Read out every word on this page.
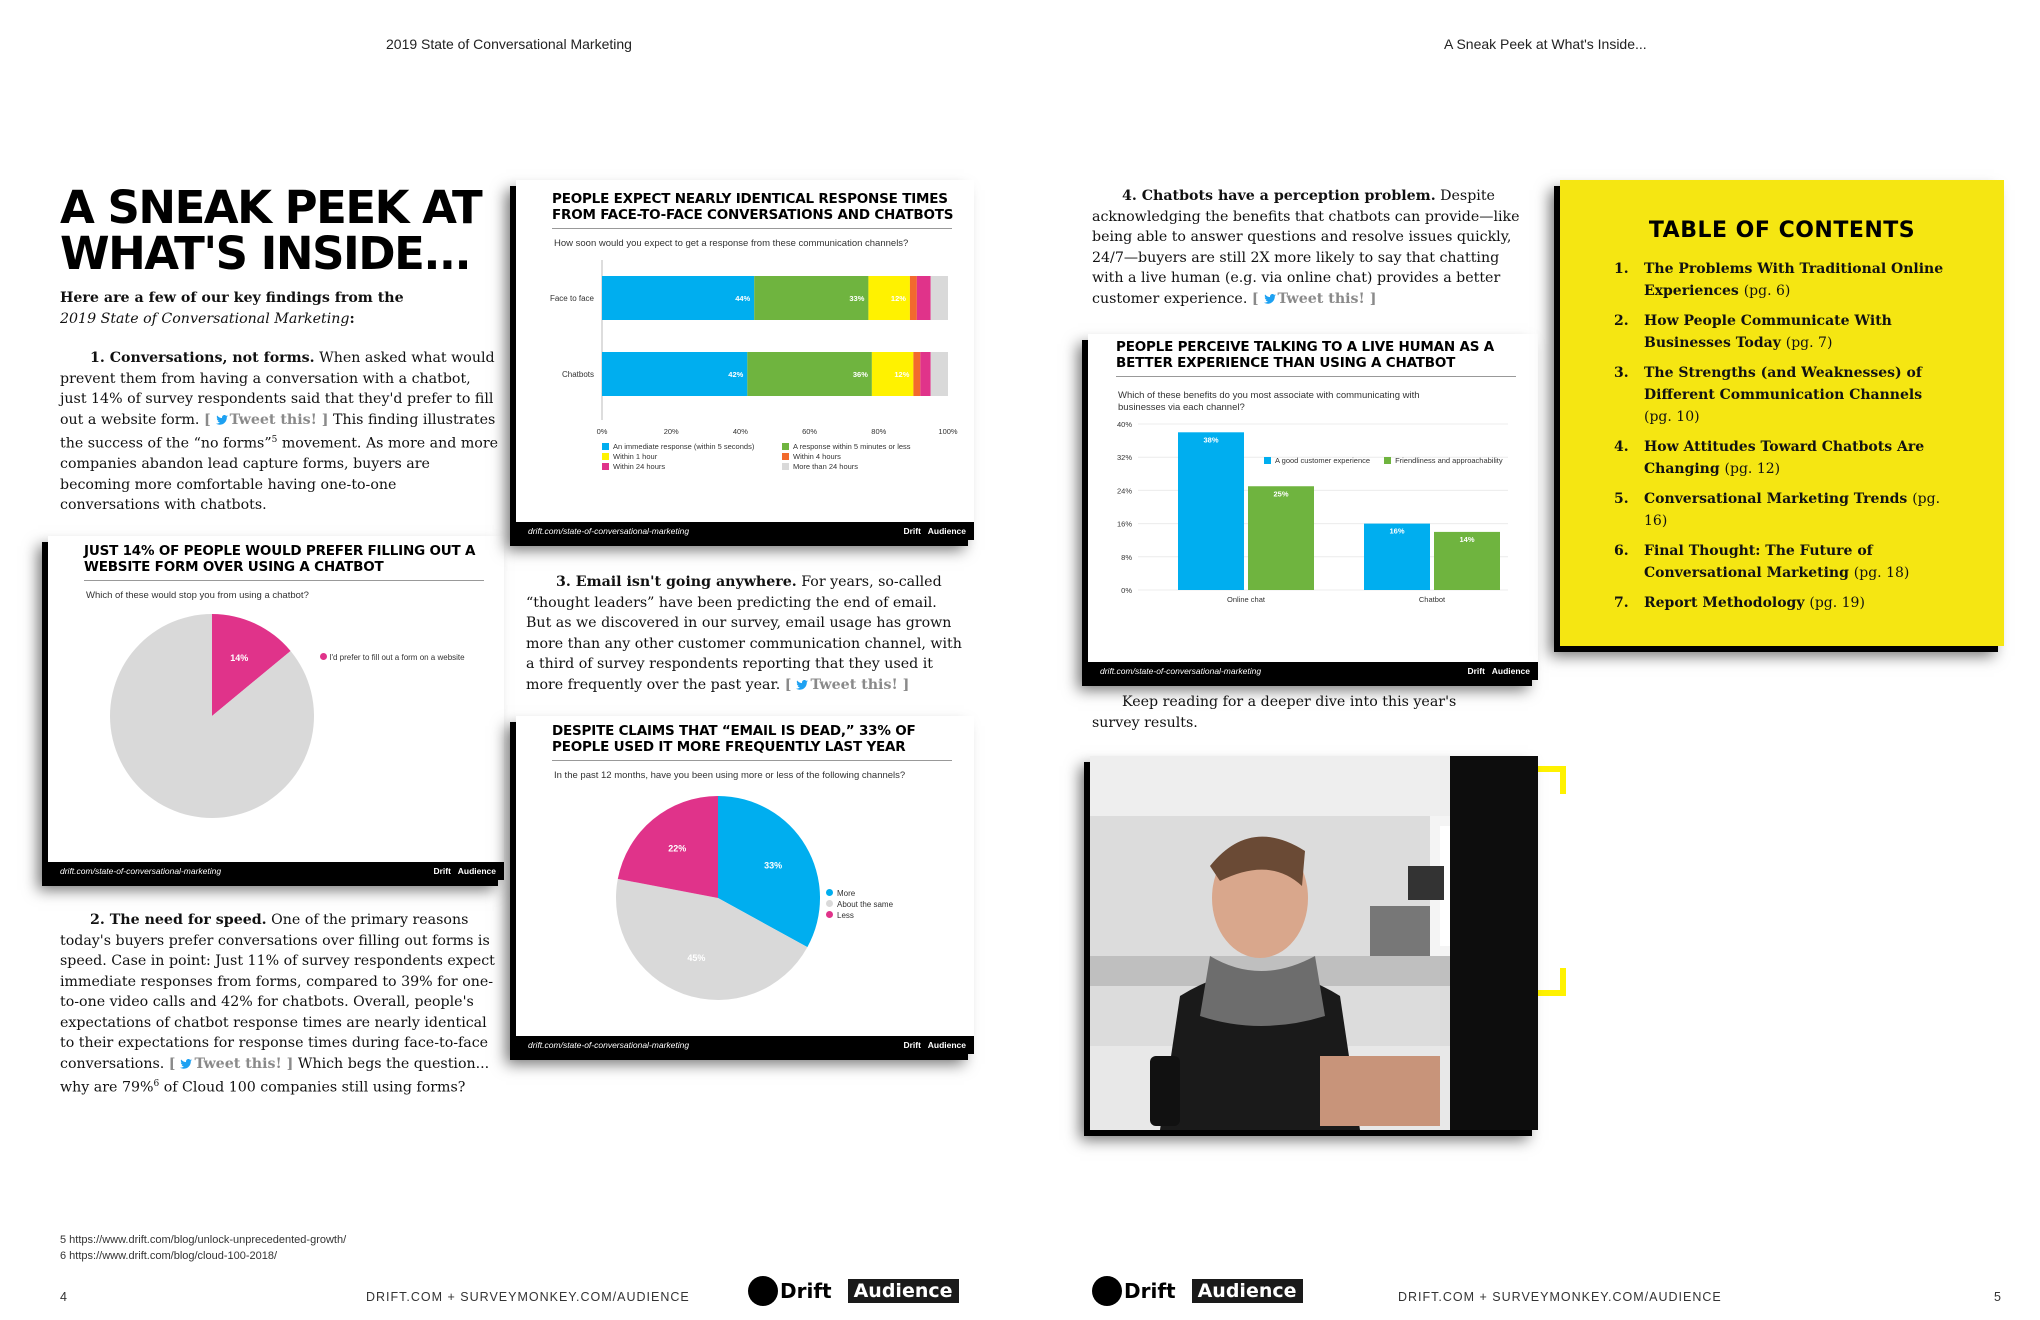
2019 State of Conversational Marketing	A Sneak Peek at What's Inside...
A SNEAK PEEK AT
WHAT'S INSIDE...
Here are a few of our key findings from the
2019 State of Conversational Marketing:
1. Conversations, not forms. When asked what would prevent them from having a conversation with a chatbot, just 14% of survey respondents said that they'd prefer to fill out a website form. [ Tweet this! ] This finding illustrates the success of the “no forms”$^5$ movement. As more and more companies abandon lead capture forms, buyers are becoming more comfortable having one-to-one conversations with chatbots.
JUST 14% OF PEOPLE WOULD PREFER FILLING OUT A WEBSITE FORM OVER USING A CHATBOT
Which of these would stop you from using a chatbot?
14%	I'd prefer to fill out a form on a website
drift.com/state-of-conversational-marketing	Drift Audience
2. The need for speed. One of the primary reasons today's buyers prefer conversations over filling out forms is speed. Case in point: Just 11% of survey respondents expect immediate responses from forms, compared to 39% for one-to-one video calls and 42% for chatbots. Overall, people's expectations of chatbot response times are nearly identical to their expectations for response times during face-to-face conversations. [ Tweet this! ] Which begs the question... why are 79%$^6$ of Cloud 100 companies still using forms?
PEOPLE EXPECT NEARLY IDENTICAL RESPONSE TIMES FROM FACE-TO-FACE CONVERSATIONS AND CHATBOTS
How soon would you expect to get a response from these communication channels?
Face to face	44%	33%	12%
Chatbots	42%	36%	12%
0%	20%	40%	60%	80%	100%
An immediate response (within 5 seconds)
Within 1 hour
Within 24 hours
A response within 5 minutes or less
Within 4 hours
More than 24 hours
drift.com/state-of-conversational-marketing	Drift Audience
3. Email isn't going anywhere. For years, so-called “thought leaders” have been predicting the end of email. But as we discovered in our survey, email usage has grown more than any other customer communication channel, with a third of survey respondents reporting that they used it more frequently over the past year. [ Tweet this! ]
DESPITE CLAIMS THAT “EMAIL IS DEAD,” 33% OF PEOPLE USED IT MORE FREQUENTLY LAST YEAR
In the past 12 months, have you been using more or less of the following channels?
33%
45%
22%
More
About the same
Less
drift.com/state-of-conversational-marketing	Drift Audience
5 https://www.drift.com/blog/unlock-unprecedented-growth/
6 https://www.drift.com/blog/cloud-100-2018/
4	DRIFT.COM + SURVEYMONKEY.COM/AUDIENCE	Drift	Audience
4. Chatbots have a perception problem. Despite acknowledging the benefits that chatbots can provide—like being able to answer questions and resolve issues quickly, 24/7—buyers are still 2X more likely to say that chatting with a live human (e.g. via online chat) provides a better customer experience. [ Tweet this! ]
PEOPLE PERCEIVE TALKING TO A LIVE HUMAN AS A BETTER EXPERIENCE THAN USING A CHATBOT
Which of these benefits do you most associate with communicating with businesses via each channel?
0%
8%
16%
24%
32%
40%
38%
25%
Online chat
16%
14%
Chatbot
A good customer experience	Friendliness and approachability
drift.com/state-of-conversational-marketing	Drift Audience
Keep reading for a deeper dive into this year's survey results.
TABLE OF CONTENTS
1. The Problems With Traditional Online Experiences (pg. 6)
2. How People Communicate With Businesses Today (pg. 7)
3. The Strengths (and Weaknesses) of Different Communication Channels (pg. 10)
4. How Attitudes Toward Chatbots Are Changing (pg. 12)
5. Conversational Marketing Trends (pg. 16)
6. Final Thought: The Future of Conversational Marketing (pg. 18)
7. Report Methodology (pg. 19)
Drift	Audience	DRIFT.COM + SURVEYMONKEY.COM/AUDIENCE	5
